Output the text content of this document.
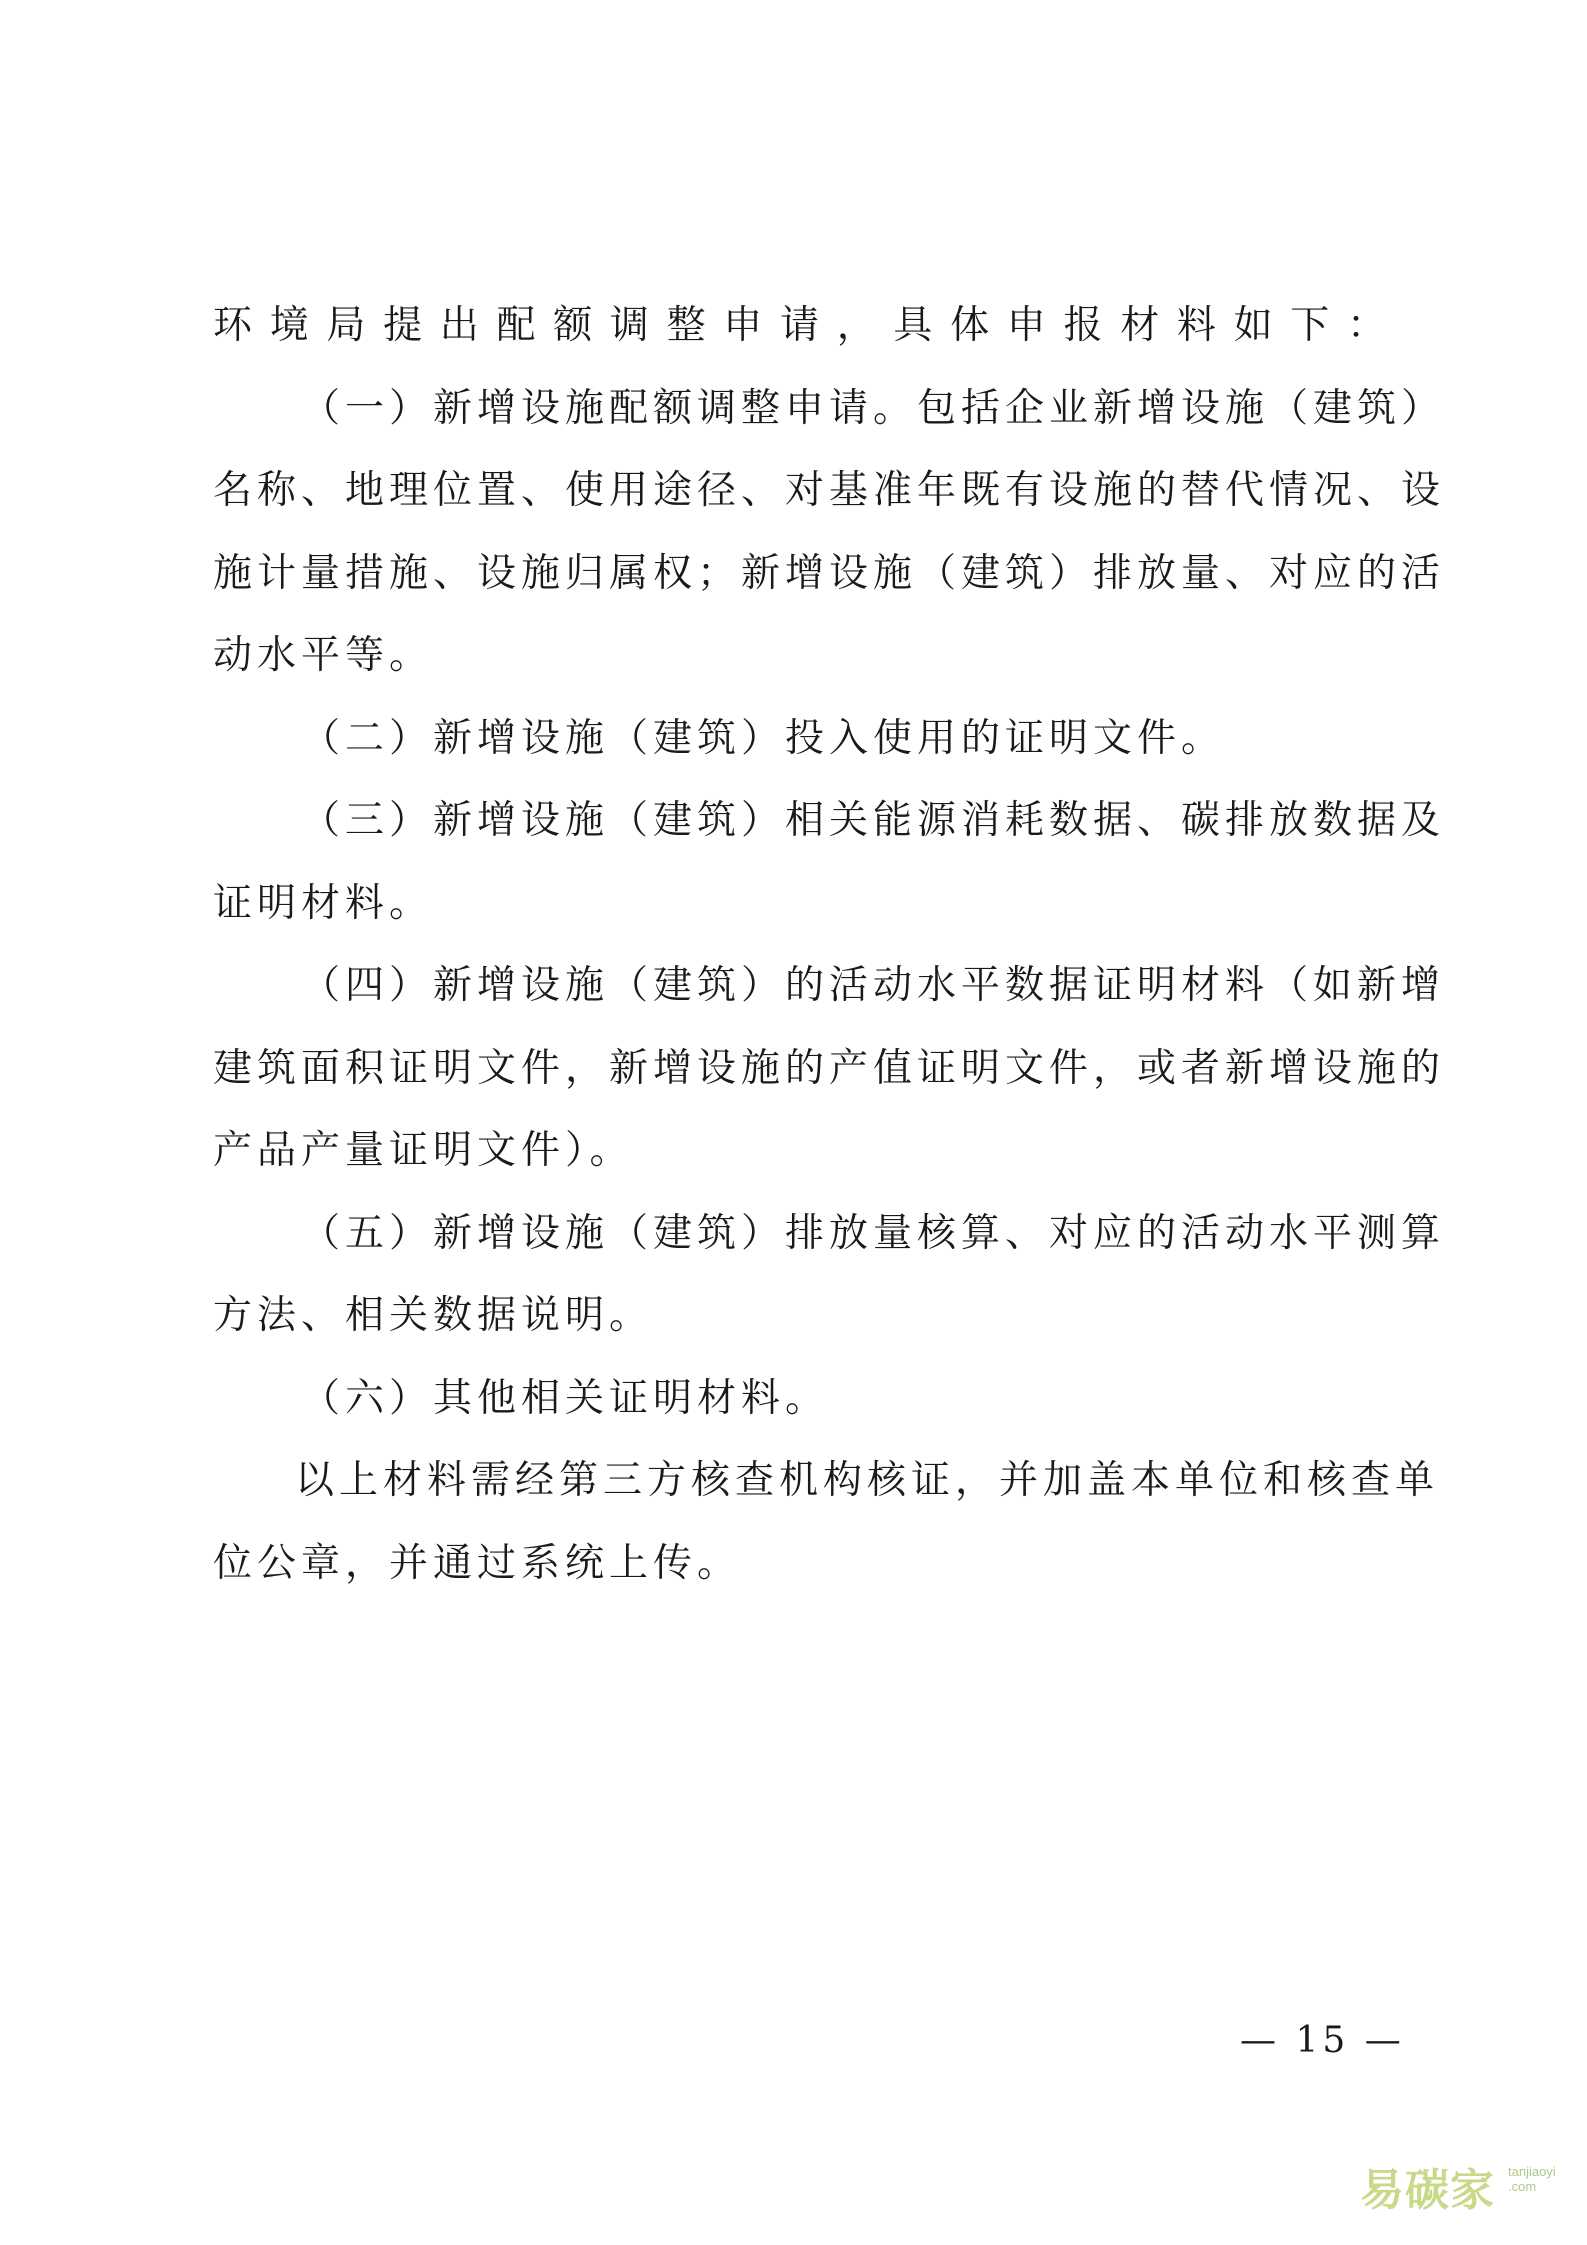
环境局提出配额调整申请，具体申报材料如下：
（一）新增设施配额调整申请。包括企业新增设施（建筑）
名称、地理位置、使用途径、对基准年既有设施的替代情况、设
施计量措施、设施归属权；新增设施（建筑）排放量、对应的活
动水平等。
（二）新增设施（建筑）投入使用的证明文件。
（三）新增设施（建筑）相关能源消耗数据、碳排放数据及
证明材料。
（四）新增设施（建筑）的活动水平数据证明材料（如新增
建筑面积证明文件，新增设施的产值证明文件，或者新增设施的
产品产量证明文件）。
（五）新增设施（建筑）排放量核算、对应的活动水平测算
方法、相关数据说明。
（六）其他相关证明材料。
以上材料需经第三方核查机构核证，并加盖本单位和核查单
位公章，并通过系统上传。
— 15 —
易碳家 tanjiaoyi
.com
